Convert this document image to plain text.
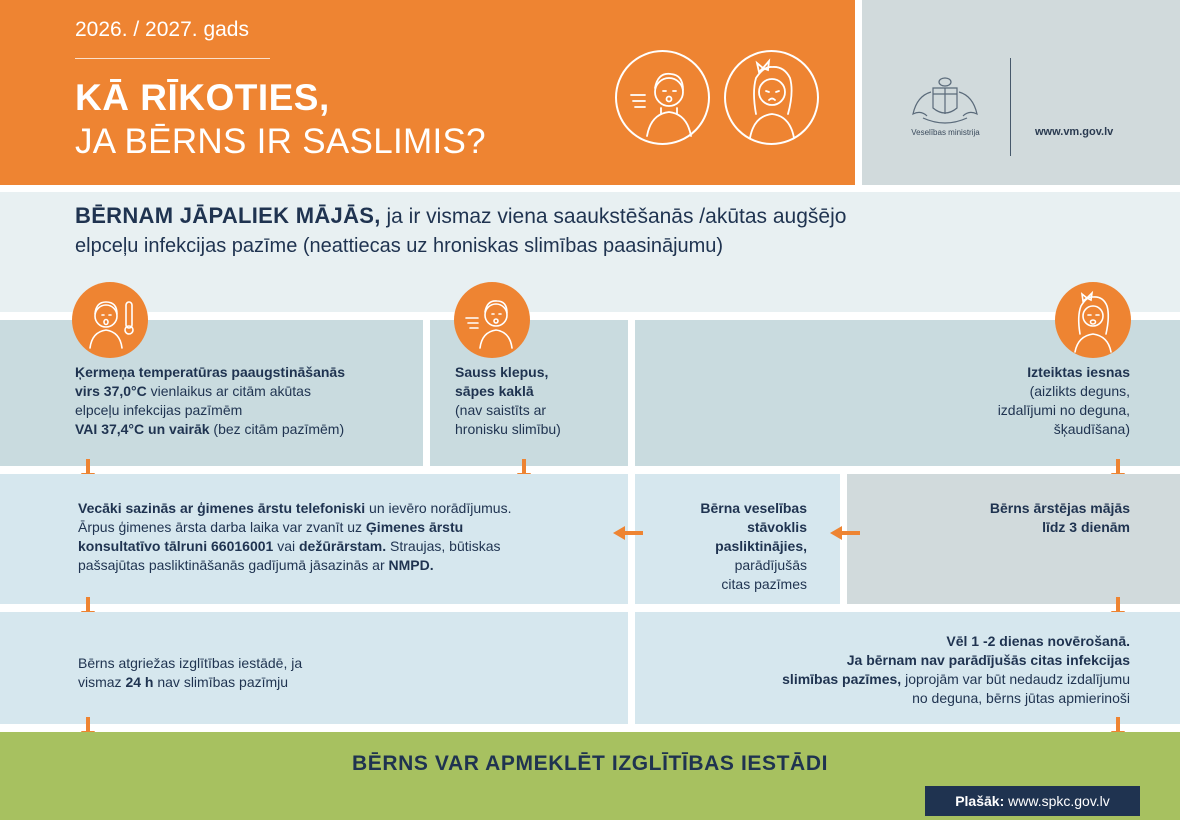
2026. / 2027. gads
KĀ RĪKOTIES,
JA BĒRNS IR SASLIMIS?	Veselības ministrija	www.vm.gov.lv
BĒRNAM JĀPALIEK MĀJĀS, ja ir vismaz viena saaukstēšanās /akūtas augšējo
elpceļu infekcijas pazīme (neattiecas uz hroniskas slimības paasinājumu)
Ķermeņa temperatūras paaugstināšanās
virs 37,0°C vienlaikus ar citām akūtas
elpceļu infekcijas pazīmēm
VAI 37,4°C un vairāk (bez citām pazīmēm)
Sauss klepus,
sāpes kaklā
(nav saistīts ar
hronisku slimību)
Izteiktas iesnas
(aizlikts deguns,
izdalījumi no deguna,
šķaudīšana)
Vecāki sazinās ar ģimenes ārstu telefoniski un ievēro norādījumus.
Ārpus ģimenes ārsta darba laika var zvanīt uz Ģimenes ārstu
konsultatīvo tālruni 66016001 vai dežūrārstam. Straujas, būtiskas
pašsajūtas pasliktināšanās gadījumā jāsazinās ar NMPD.
Bērna veselības
stāvoklis
pasliktinājies,
parādījušās
citas pazīmes
Bērns ārstējas mājās
līdz 3 dienām
Bērns atgriežas izglītības iestādē, ja
vismaz 24 h nav slimības pazīmju
Vēl 1 -2 dienas novērošanā.
Ja bērnam nav parādījušās citas infekcijas
slimības pazīmes, joprojām var būt nedaudz izdalījumu
no deguna, bērns jūtas apmierinoši
BĒRNS VAR APMEKLĒT IZGLĪTĪBAS IESTĀDI
Plašāk: www.spkc.gov.lv
